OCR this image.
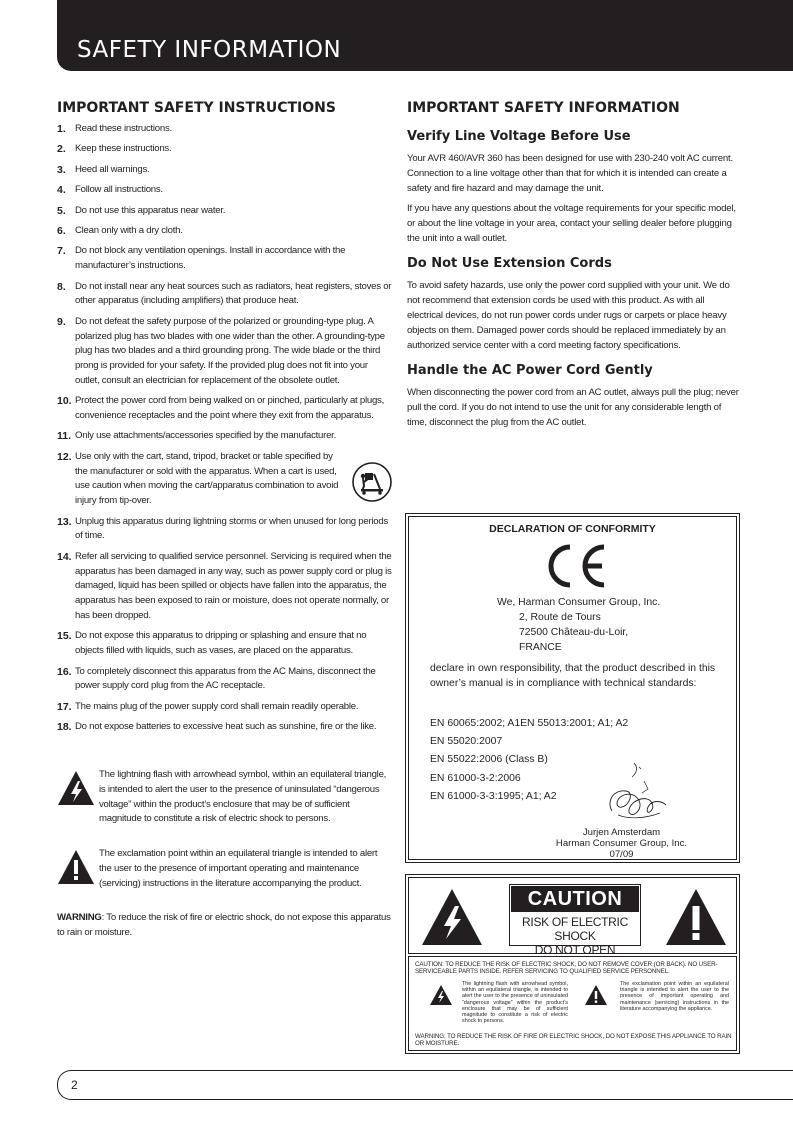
SAFETY INFORMATION
IMPORTANT SAFETY INSTRUCTIONS
1. Read these instructions.
2. Keep these instructions.
3. Heed all warnings.
4. Follow all instructions.
5. Do not use this apparatus near water.
6. Clean only with a dry cloth.
7. Do not block any ventilation openings. Install in accordance with the manufacturer’s instructions.
8. Do not install near any heat sources such as radiators, heat registers, stoves or other apparatus (including amplifiers) that produce heat.
9. Do not defeat the safety purpose of the polarized or grounding-type plug. A polarized plug has two blades with one wider than the other. A grounding-type plug has two blades and a third grounding prong. The wide blade or the third prong is provided for your safety. If the provided plug does not fit into your outlet, consult an electrician for replacement of the obsolete outlet.
10. Protect the power cord from being walked on or pinched, particularly at plugs, convenience receptacles and the point where they exit from the apparatus.
11. Only use attachments/accessories specified by the manufacturer.
12. Use only with the cart, stand, tripod, bracket or table specified by the manufacturer or sold with the apparatus. When a cart is used, use caution when moving the cart/apparatus combination to avoid injury from tip-over.
13. Unplug this apparatus during lightning storms or when unused for long periods of time.
14. Refer all servicing to qualified service personnel. Servicing is required when the apparatus has been damaged in any way, such as power supply cord or plug is damaged, liquid has been spilled or objects have fallen into the apparatus, the apparatus has been exposed to rain or moisture, does not operate normally, or has been dropped.
15. Do not expose this apparatus to dripping or splashing and ensure that no objects filled with liquids, such as vases, are placed on the apparatus.
16. To completely disconnect this apparatus from the AC Mains, disconnect the power supply cord plug from the AC receptacle.
17. The mains plug of the power supply cord shall remain readily operable.
18. Do not expose batteries to excessive heat such as sunshine, fire or the like.
The lightning flash with arrowhead symbol, within an equilateral triangle, is intended to alert the user to the presence of uninsulated “dangerous voltage” within the product’s enclosure that may be of sufficient magnitude to constitute a risk of electric shock to persons.
The exclamation point within an equilateral triangle is intended to alert the user to the presence of important operating and maintenance (servicing) instructions in the literature accompanying the product.
WARNING: To reduce the risk of fire or electric shock, do not expose this apparatus to rain or moisture.
IMPORTANT SAFETY INFORMATION
Verify Line Voltage Before Use
Your AVR 460/AVR 360 has been designed for use with 230-240 volt AC current. Connection to a line voltage other than that for which it is intended can create a safety and fire hazard and may damage the unit.
If you have any questions about the voltage requirements for your specific model, or about the line voltage in your area, contact your selling dealer before plugging the unit into a wall outlet.
Do Not Use Extension Cords
To avoid safety hazards, use only the power cord supplied with your unit. We do not recommend that extension cords be used with this product. As with all electrical devices, do not run power cords under rugs or carpets or place heavy objects on them. Damaged power cords should be replaced immediately by an authorized service center with a cord meeting factory specifications.
Handle the AC Power Cord Gently
When disconnecting the power cord from an AC outlet, always pull the plug; never pull the cord. If you do not intend to use the unit for any considerable length of time, disconnect the plug from the AC outlet.
DECLARATION OF CONFORMITY
We, Harman Consumer Group, Inc.
2, Route de Tours
72500 Château-du-Loir,
FRANCE
declare in own responsibility, that the product described in this owner’s manual is in compliance with technical standards:
EN 60065:2002; A1EN 55013:2001; A1; A2
EN 55020:2007
EN 55022:2006 (Class B)
EN 61000-3-2:2006
EN 61000-3-3:1995; A1; A2
Jurjen Amsterdam
Harman Consumer Group, Inc.
07/09
CAUTION
RISK OF ELECTRIC SHOCK
DO NOT OPEN
CAUTION: TO REDUCE THE RISK OF ELECTRIC SHOCK, DO NOT REMOVE COVER (OR BACK). NO USER-SERVICEABLE PARTS INSIDE. REFER SERVICING TO QUALIFIED SERVICE PERSONNEL.
The lightning flash with arrowhead symbol, within an equilateral triangle, is intended to alert the user to the presence of uninsulated “dangerous voltage” within the product’s enclosure that may be of sufficient magnitude to constitute a risk of electric shock to persons.
The exclamation point within an equilateral triangle is intended to alert the user to the presence of important operating and maintenance (servicing) instructions in the literature accompanying the appliance.
WARNING: TO REDUCE THE RISK OF FIRE OR ELECTRIC SHOCK, DO NOT EXPOSE THIS APPLIANCE TO RAIN OR MOISTURE.
2
